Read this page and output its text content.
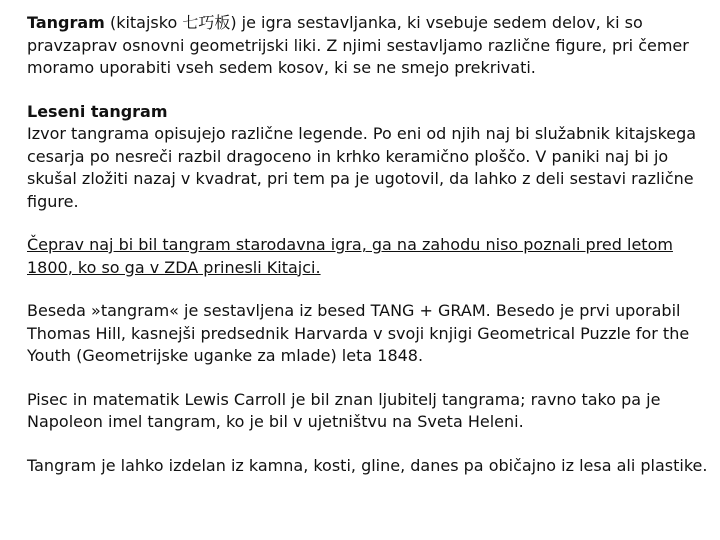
Tangram (kitajsko 七巧板) je igra sestavljanka, ki vsebuje sedem delov, ki so pravzaprav osnovni geometrijski liki. Z njimi sestavljamo različne figure, pri čemer moramo uporabiti vseh sedem kosov, ki se ne smejo prekrivati.

Leseni tangram
Izvor tangrama opisujejo različne legende. Po eni od njih naj bi služabnik kitajskega cesarja po nesreči razbil dragoceno in krhko keramično ploščo. V paniki naj bi jo skušal zložiti nazaj v kvadrat, pri tem pa je ugotovil, da lahko z deli sestavi različne figure.

Čeprav naj bi bil tangram starodavna igra, ga na zahodu niso poznali pred letom 1800, ko so ga v ZDA prinesli Kitajci.

Beseda »tangram« je sestavljena iz besed TANG + GRAM. Besedo je prvi uporabil Thomas Hill, kasnejši predsednik Harvarda v svoji knjigi Geometrical Puzzle for the Youth (Geometrijske uganke za mlade) leta 1848.

Pisec in matematik Lewis Carroll je bil znan ljubitelj tangrama; ravno tako pa je Napoleon imel tangram, ko je bil v ujetništvu na Sveta Heleni.

Tangram je lahko izdelan iz kamna, kosti, gline, danes pa običajno iz lesa ali plastike.
